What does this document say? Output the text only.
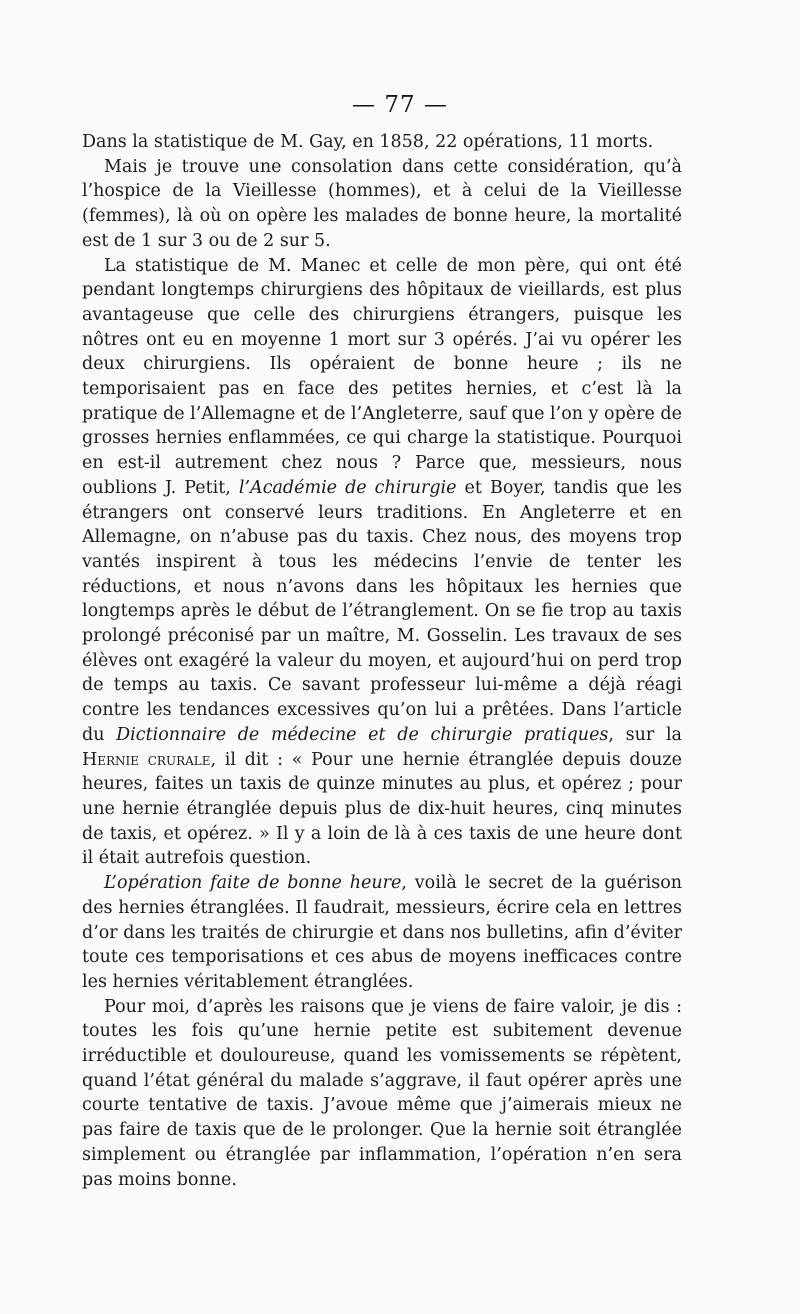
— 77 —

Dans la statistique de M. Gay, en 1858, 22 opérations, 11 morts.

Mais je trouve une consolation dans cette considération, qu’à l’hospice de la Vieillesse (hommes), et à celui de la Vieillesse (femmes), là où on opère les malades de bonne heure, la mortalité est de 1 sur 3 ou de 2 sur 5.

La statistique de M. Manec et celle de mon père, qui ont été pendant longtemps chirurgiens des hôpitaux de vieillards, est plus avantageuse que celle des chirurgiens étrangers, puisque les nôtres ont eu en moyenne 1 mort sur 3 opérés. J’ai vu opérer les deux chirurgiens. Ils opéraient de bonne heure ; ils ne temporisaient pas en face des petites hernies, et c’est là la pratique de l’Allemagne et de l’Angleterre, sauf que l’on y opère de grosses hernies enflammées, ce qui charge la statistique. Pourquoi en est-il autrement chez nous ? Parce que, messieurs, nous oublions J. Petit, l’Académie de chirurgie et Boyer, tandis que les étrangers ont conservé leurs traditions. En Angleterre et en Allemagne, on n’abuse pas du taxis. Chez nous, des moyens trop vantés inspirent à tous les médecins l’envie de tenter les réductions, et nous n’avons dans les hôpitaux les hernies que longtemps après le début de l’étranglement. On se fie trop au taxis prolongé préconisé par un maître, M. Gosselin. Les travaux de ses élèves ont exagéré la valeur du moyen, et aujourd’hui on perd trop de temps au taxis. Ce savant professeur lui-même a déjà réagi contre les tendances excessives qu’on lui a prêtées. Dans l’article du Dictionnaire de médecine et de chirurgie pratiques, sur la Hernie crurale, il dit : « Pour une hernie étranglée depuis douze heures, faites un taxis de quinze minutes au plus, et opérez ; pour une hernie étranglée depuis plus de dix-huit heures, cinq minutes de taxis, et opérez. » Il y a loin de là à ces taxis de une heure dont il était autrefois question.

L’opération faite de bonne heure, voilà le secret de la guérison des hernies étranglées. Il faudrait, messieurs, écrire cela en lettres d’or dans les traités de chirurgie et dans nos bulletins, afin d’éviter toute ces temporisations et ces abus de moyens inefficaces contre les hernies véritablement étranglées.

Pour moi, d’après les raisons que je viens de faire valoir, je dis : toutes les fois qu’une hernie petite est subitement devenue irréductible et douloureuse, quand les vomissements se répètent, quand l’état général du malade s’aggrave, il faut opérer après une courte tentative de taxis. J’avoue même que j’aimerais mieux ne pas faire de taxis que de le prolonger. Que la hernie soit étranglée simplement ou étranglée par inflammation, l’opération n’en sera pas moins bonne.
